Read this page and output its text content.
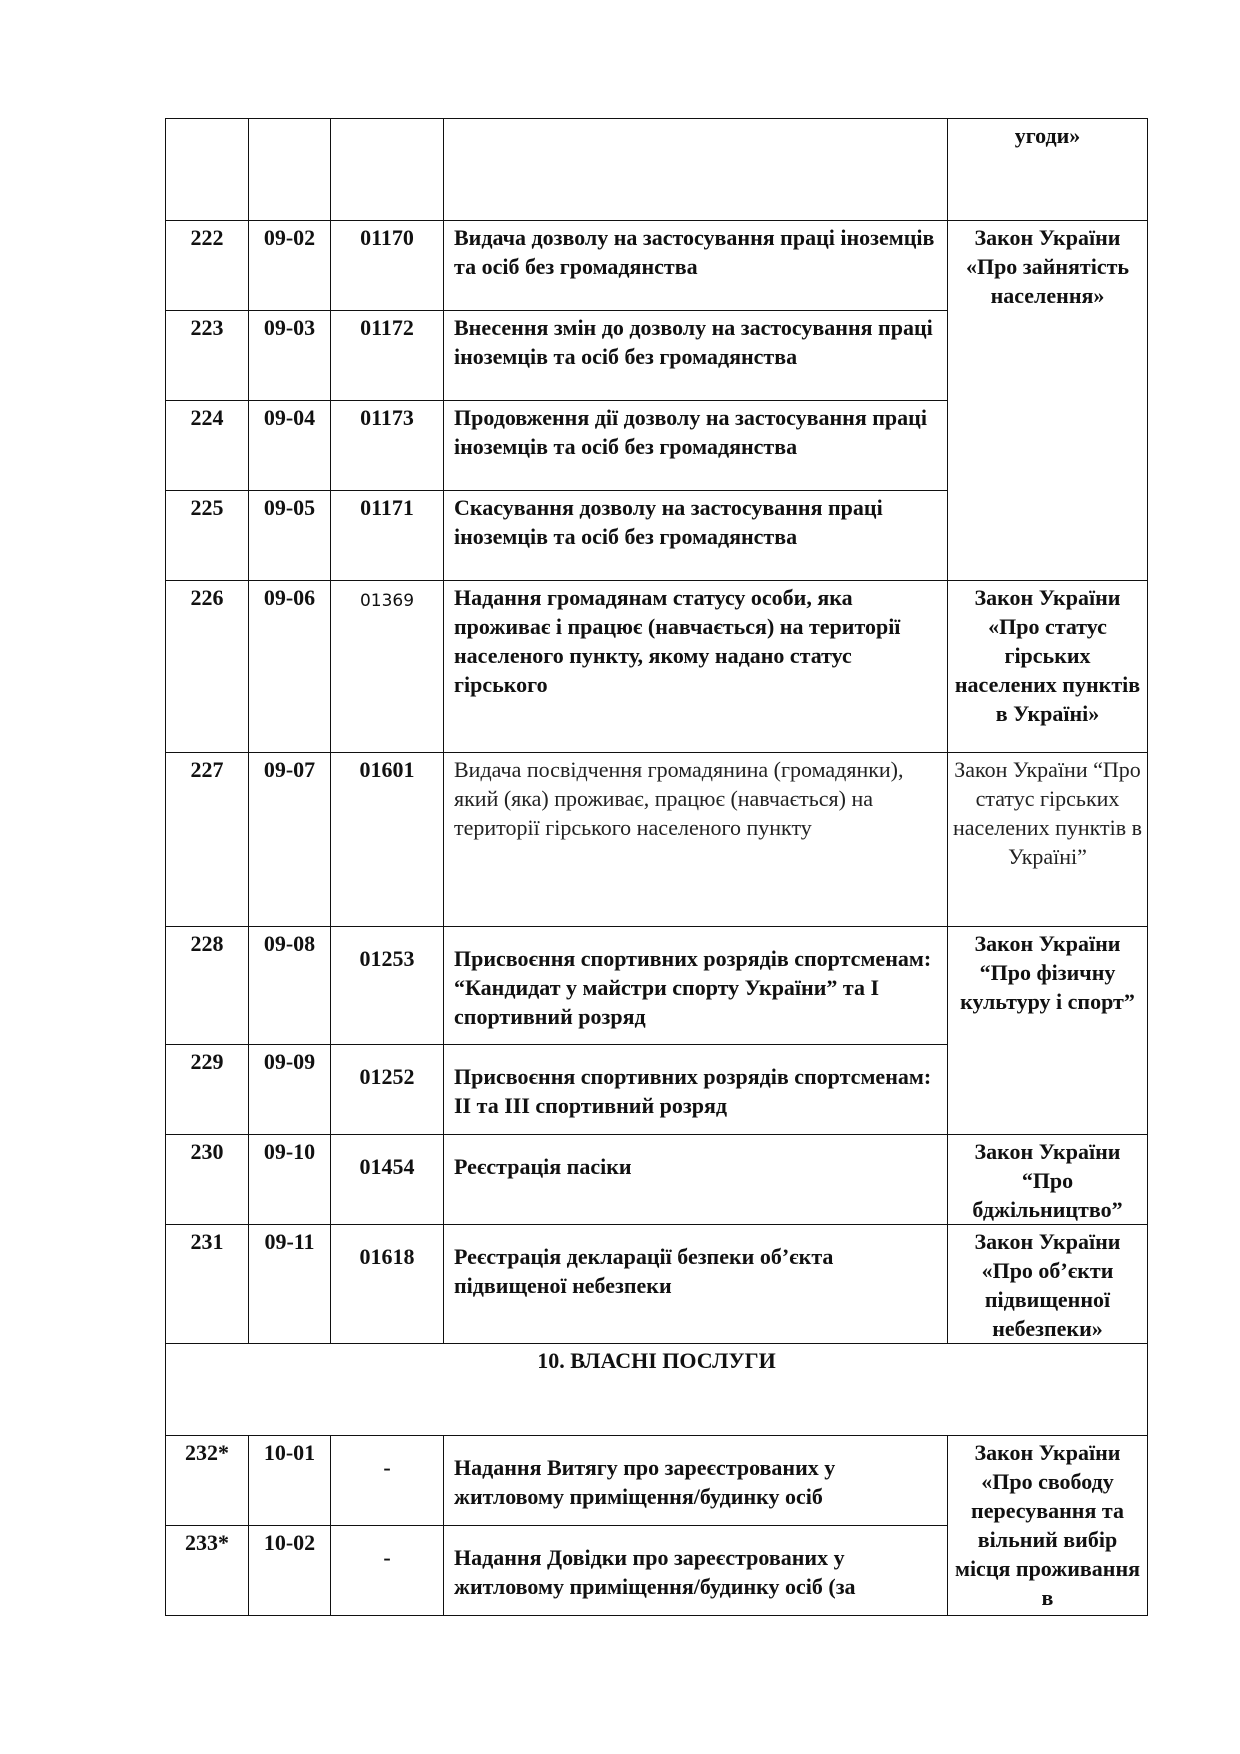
				угоди»
222	09-02	01170	Видача дозволу на застосування праці іноземців та осіб без громадянства	Закон України «Про зайнятість населення»
223	09-03	01172	Внесення змін до дозволу на застосування праці іноземців та осіб без громадянства	
224	09-04	01173	Продовження дії дозволу на застосування праці іноземців та осіб без громадянства	
225	09-05	01171	Скасування дозволу на застосування праці іноземців та осіб без громадянства	
226	09-06	01369	Надання громадянам статусу особи, яка проживає і працює (навчається) на території населеного пункту, якому надано статус гірського	Закон України «Про статус гірських населених пунктів в Україні»
227	09-07	01601	Видача посвідчення громадянина (громадянки), який (яка) проживає, працює (навчається) на території гірського населеного пункту	Закон України “Про статус гірських населених пунктів в Україні”
228	09-08	01253	Присвоєння спортивних розрядів спортсменам: “Кандидат у майстри спорту України” та І спортивний розряд	Закон України “Про фізичну культуру і спорт”
229	09-09	01252	Присвоєння спортивних розрядів спортсменам: ІІ та ІІІ спортивний розряд	
230	09-10	01454	Реєстрація пасіки	Закон України “Про бджільництво”
231	09-11	01618	Реєстрація декларації безпеки об’єкта підвищеної небезпеки	Закон України «Про об’єкти підвищенної небезпеки»
10. ВЛАСНІ ПОСЛУГИ				
232*	10-01	-	Надання Витягу про зареєстрованих у житловому приміщення/будинку осіб	Закон України «Про свободу пересування та вільний вибір місця проживання в
233*	10-02	-	Надання Довідки про зареєстрованих у житловому приміщення/будинку осіб (за	
